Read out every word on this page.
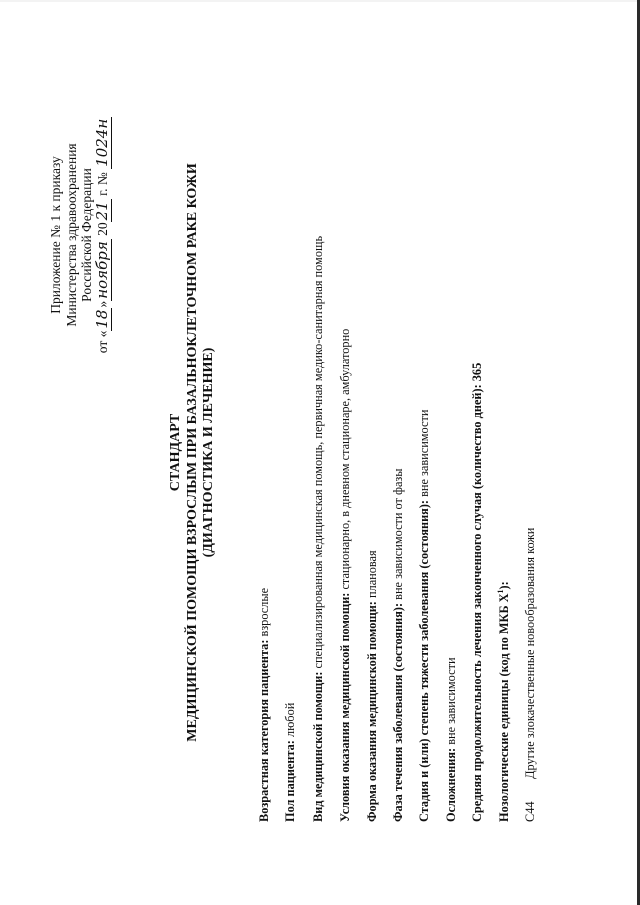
Приложение № 1 к приказу Министерства здравоохранения Российской Федерации
от «18»ноября 2021 г. № 1024н
СТАНДАРТ МЕДИЦИНСКОЙ ПОМОЩИ ВЗРОСЛЫМ ПРИ БАЗАЛЬНОКЛЕТОЧНОМ РАКЕ КОЖИ (ДИАГНОСТИКА И ЛЕЧЕНИЕ)
Возрастная категория пациента: взрослые
Пол пациента: любой Вид медицинской помощи: специализированная медицинская помощь, первичная медико-санитарная помощь
Условия оказания медицинской помощи: стационарно, в дневном стационаре, амбулаторно
Форма оказания медицинской помощи: плановая
Фаза течения заболевания (состояния): вне зависимости от фазы Стадия и (или) степень тяжести заболевания (состояния): вне зависимости
Осложнения: вне зависимости Средняя продолжительность лечения законченного случая (количество дней): 365
Нозологические единицы (код по МКБ $X^1$):
С44 Другие злокачественные новообразования кожи
